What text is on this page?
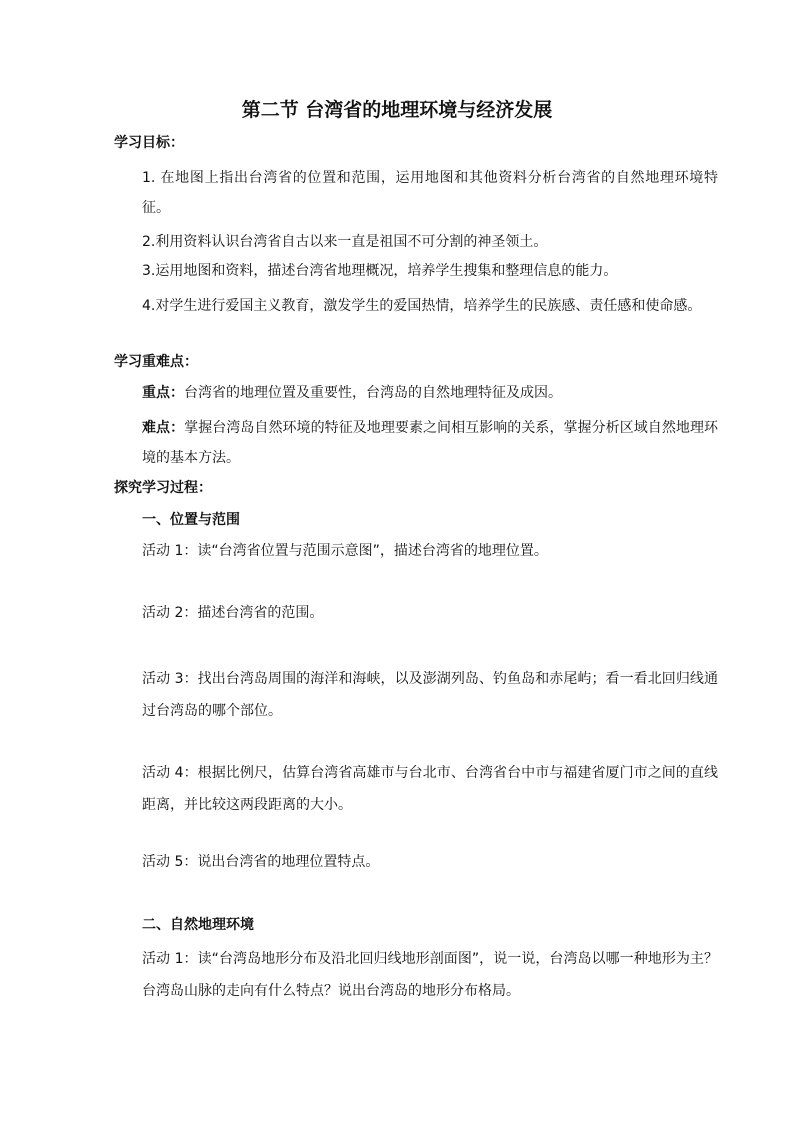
第二节 台湾省的地理环境与经济发展
学习目标：
1. 在地图上指出台湾省的位置和范围，运用地图和其他资料分析台湾省的自然地理环境特征。
2.利用资料认识台湾省自古以来一直是祖国不可分割的神圣领土。
3.运用地图和资料，描述台湾省地理概况，培养学生搜集和整理信息的能力。
4.对学生进行爱国主义教育，激发学生的爱国热情，培养学生的民族感、责任感和使命感。
学习重难点：
重点：台湾省的地理位置及重要性，台湾岛的自然地理特征及成因。
难点：掌握台湾岛自然环境的特征及地理要素之间相互影响的关系，掌握分析区域自然地理环境的基本方法。
探究学习过程：
一、位置与范围
活动 1：读“台湾省位置与范围示意图”，描述台湾省的地理位置。
活动 2：描述台湾省的范围。
活动 3：找出台湾岛周围的海洋和海峡，以及澎湖列岛、钓鱼岛和赤尾屿；看一看北回归线通过台湾岛的哪个部位。
活动 4：根据比例尺，估算台湾省高雄市与台北市、台湾省台中市与福建省厦门市之间的直线距离，并比较这两段距离的大小。
活动 5：说出台湾省的地理位置特点。
二、自然地理环境
活动 1：读“台湾岛地形分布及沿北回归线地形剖面图”，说一说，台湾岛以哪一种地形为主？台湾岛山脉的走向有什么特点？说出台湾岛的地形分布格局。
